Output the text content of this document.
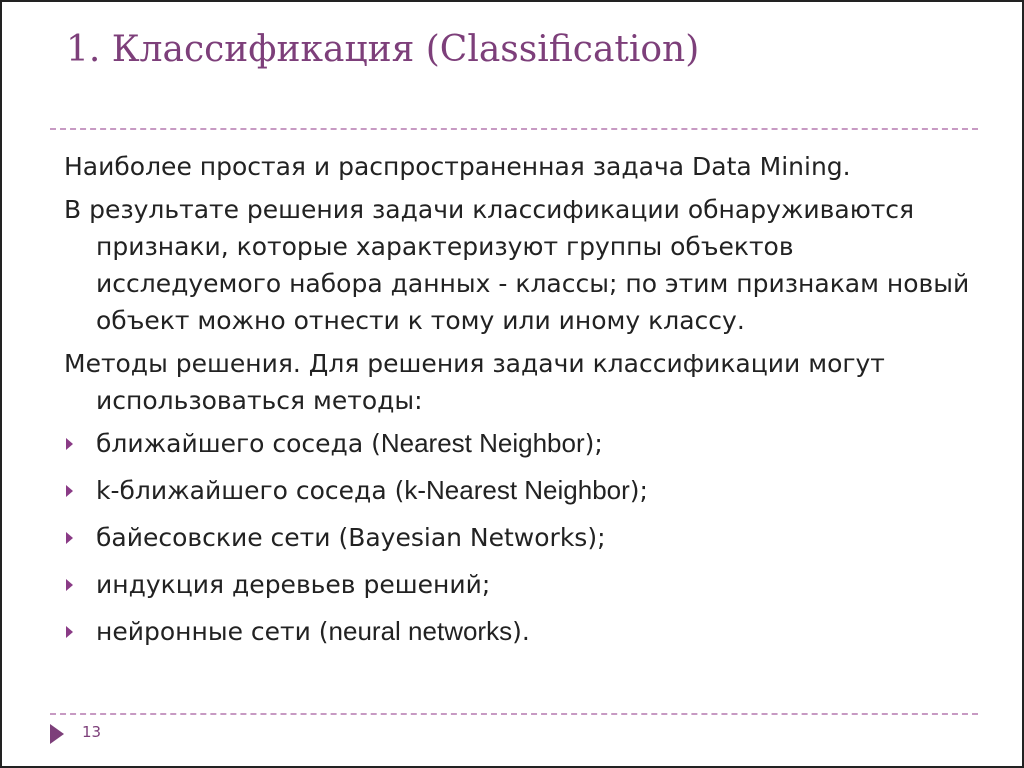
1. Классификация (Classification)
Наиболее простая и распространенная задача Data Mining.
В результате решения задачи классификации обнаруживаются признаки, которые характеризуют группы объектов исследуемого набора данных - классы; по этим признакам новый объект можно отнести к тому или иному классу.
Методы решения. Для решения задачи классификации могут использоваться методы:
ближайшего соседа (Nearest Neighbor);
k-ближайшего соседа (k-Nearest Neighbor);
байесовские сети (Bayesian Networks);
индукция деревьев решений;
нейронные сети (neural networks).
13
